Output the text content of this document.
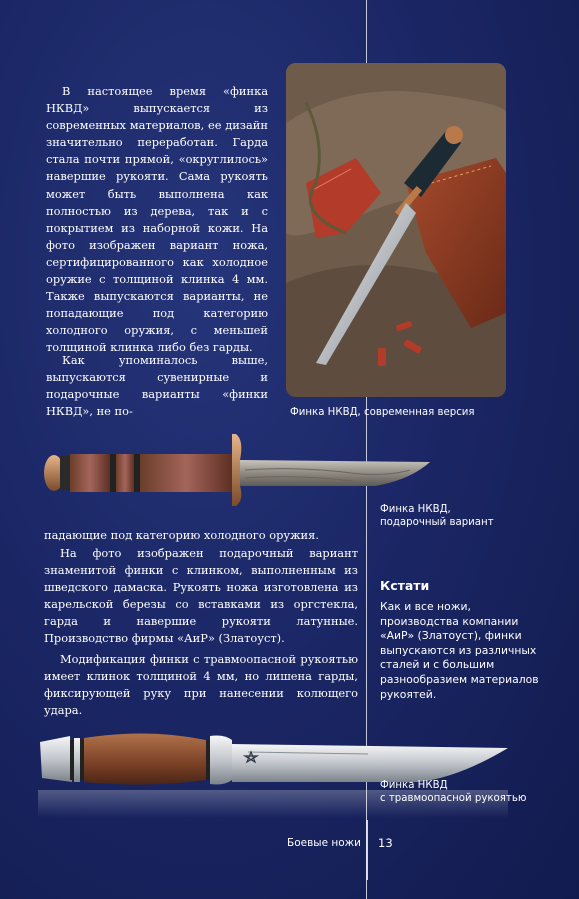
В настоящее время «финка НКВД» выпускается из современных материалов, ее дизайн значительно переработан. Гарда стала почти прямой, «округлилось» навершие рукояти. Сама рукоять может быть выполнена как полностью из дерева, так и с покрытием из наборной кожи. На фото изображен вариант ножа, сертифицированного как холодное оружие с толщиной клинка 4 мм. Также выпускаются варианты, не попадающие под категорию холодного оружия, с меньшей толщиной клинка либо без гарды.

Как упоминалось выше, выпускаются сувенирные и подарочные варианты «финки НКВД», не по-

падающие под категорию холодного оружия.

На фото изображен подарочный вариант знаменитой финки с клинком, выполненным из шведского дамаска. Рукоять ножа изготовлена из карельской березы со вставками из оргстекла, гарда и навершие рукояти латунные. Производство фирмы «АиР» (Златоуст).

Модификация финки с травмоопасной рукоятью имеет клинок толщиной 4 мм, но лишена гарды, фиксирующей руку при нанесении колющего удара.

Финка НКВД, современная версия
Финка НКВД,
подарочный вариант
Кстати
Как и все ножи, производства компании «АиР» (Златоуст), финки выпускаются из различных сталей и с большим разнообразием материалов рукоятей.
Финка НКВД
с травмоопасной рукоятью
Боевые ножи 13
